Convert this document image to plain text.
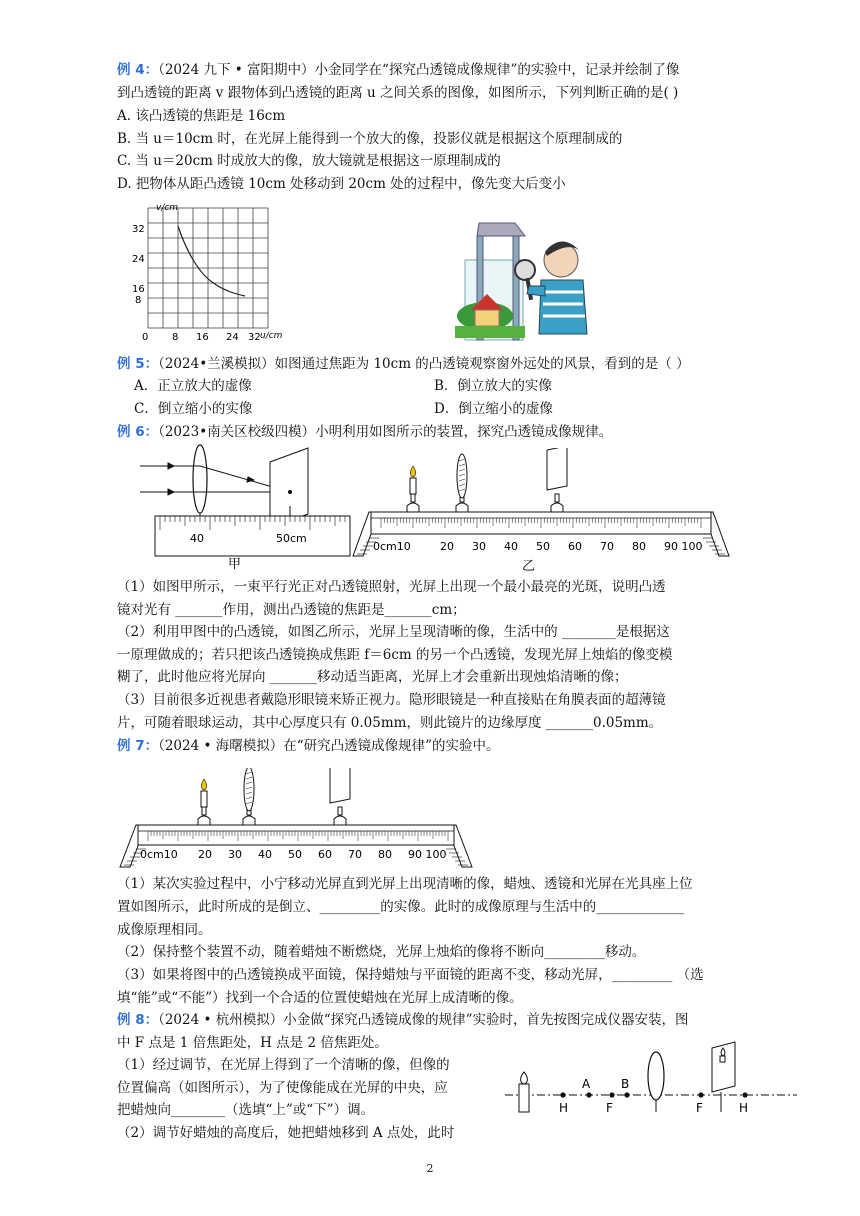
例 4：（2024 九下 • 富阳期中）小金同学在“探究凸透镜成像规律”的实验中，记录并绘制了像
到凸透镜的距离 v 跟物体到凸透镜的距离 u 之间关系的图像，如图所示，下列判断正确的是( )
A. 该凸透镜的焦距是 16cm
B. 当 u＝10cm 时，在光屏上能得到一个放大的像，投影仪就是根据这个原理制成的
C. 当 u＝20cm 时成放大的像，放大镜就是根据这一原理制成的
D. 把物体从距凸透镜 10cm 处移动到 20cm 处的过程中，像先变大后变小
v/cm
32
24
16
8
0 8 16 24 32 u/cm
例 5：（2024•兰溪模拟）如图通过焦距为 10cm 的凸透镜观察窗外远处的风景，看到的是（ ）
A．正立放大的虚像	B．倒立放大的实像
C．倒立缩小的实像	D．倒立缩小的虚像
例 6：（2023•南关区校级四模）小明利用如图所示的装置，探究凸透镜成像规律。
40	50cm
甲
0cm10	20 30 40 50 60 70 80 90 100
乙
（1）如图甲所示，一束平行光正对凸透镜照射，光屏上出现一个最小最亮的光斑，说明凸透
镜对光有 _______作用，测出凸透镜的焦距是_______cm；
（2）利用甲图中的凸透镜，如图乙所示，光屏上呈现清晰的像，生活中的 ________是根据这
一原理做成的；若只把该凸透镜换成焦距 f＝6cm 的另一个凸透镜，发现光屏上烛焰的像变模
糊了，此时他应将光屏向 _______移动适当距离，光屏上才会重新出现烛焰清晰的像；
（3）目前很多近视患者戴隐形眼镜来矫正视力。隐形眼镜是一种直接贴在角膜表面的超薄镜
片，可随着眼球运动，其中心厚度只有 0.05mm，则此镜片的边缘厚度 _______0.05mm。
例 7：（2024 • 海曙模拟）在“研究凸透镜成像规律”的实验中。
0cm10 20 30 40 50 60 70 80 90 100
（1）某次实验过程中，小宁移动光屏直到光屏上出现清晰的像，蜡烛、透镜和光屏在光具座上位
置如图所示，此时所成的是倒立、_________的实像。此时的成像原理与生活中的_____________
成像原理相同。
（2）保持整个装置不动，随着蜡烛不断燃烧，光屏上烛焰的像将不断向_________移动。
（3）如果将图中的凸透镜换成平面镜，保持蜡烛与平面镜的距离不变，移动光屏，_________ （选
填“能”或“不能”）找到一个合适的位置使蜡烛在光屏上成清晰的像。
例 8：（2024 • 杭州模拟）小金做“探究凸透镜成像的规律”实验时，首先按图完成仪器安装，图
中 F 点是 1 倍焦距处，H 点是 2 倍焦距处。
（1）经过调节，在光屏上得到了一个清晰的像，但像的
位置偏高（如图所示），为了使像能成在光屏的中央，应
把蜡烛向________（选填“上”或“下”）调。
（2）调节好蜡烛的高度后，她把蜡烛移到 A 点处，此时
H
A
F
B
F	H
2
